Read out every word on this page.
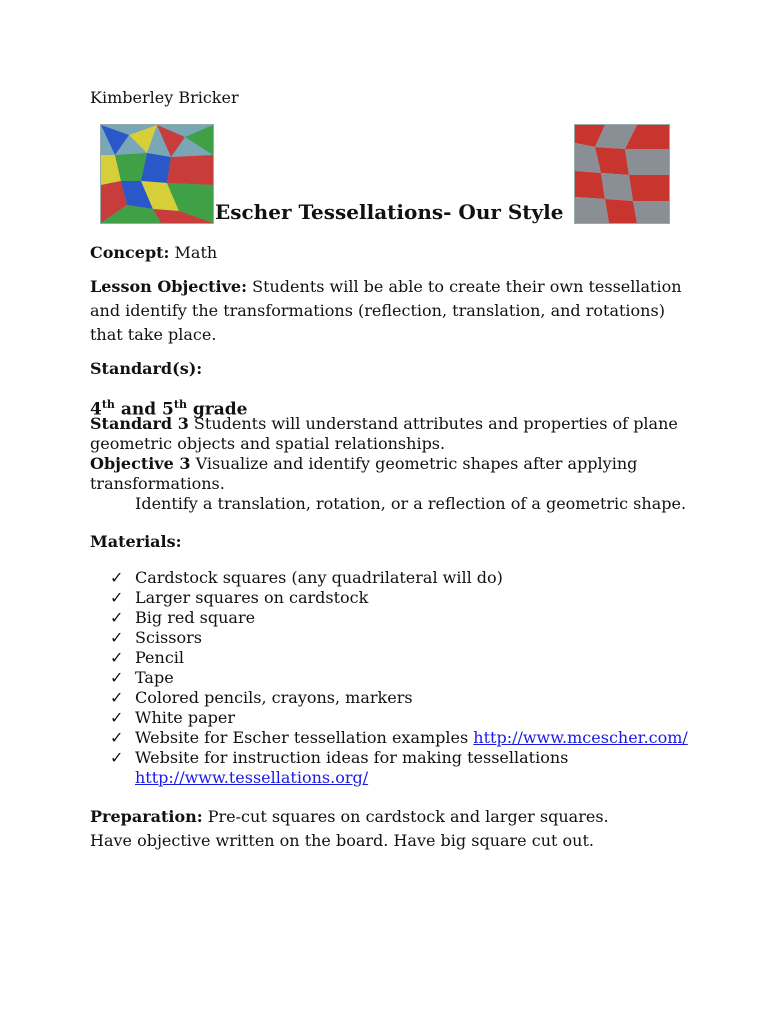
Kimberley Bricker
Escher Tessellations- Our Style
Concept: Math
Lesson Objective: Students will be able to create their own tessellation and identify the transformations (reflection, translation, and rotations) that take place.
Standard(s):
4th and 5th grade
Standard 3 Students will understand attributes and properties of plane geometric objects and spatial relationships.
Objective 3 Visualize and identify geometric shapes after applying transformations.
Identify a translation, rotation, or a reflection of a geometric shape.
Materials:
✓ Cardstock squares (any quadrilateral will do)
✓ Larger squares on cardstock
✓ Big red square
✓ Scissors
✓ Pencil
✓ Tape
✓ Colored pencils, crayons, markers
✓ White paper
✓ Website for Escher tessellation examples http://www.mcescher.com/
✓ Website for instruction ideas for making tessellations
http://www.tessellations.org/
Preparation: Pre-cut squares on cardstock and larger squares. Have objective written on the board. Have big square cut out.
